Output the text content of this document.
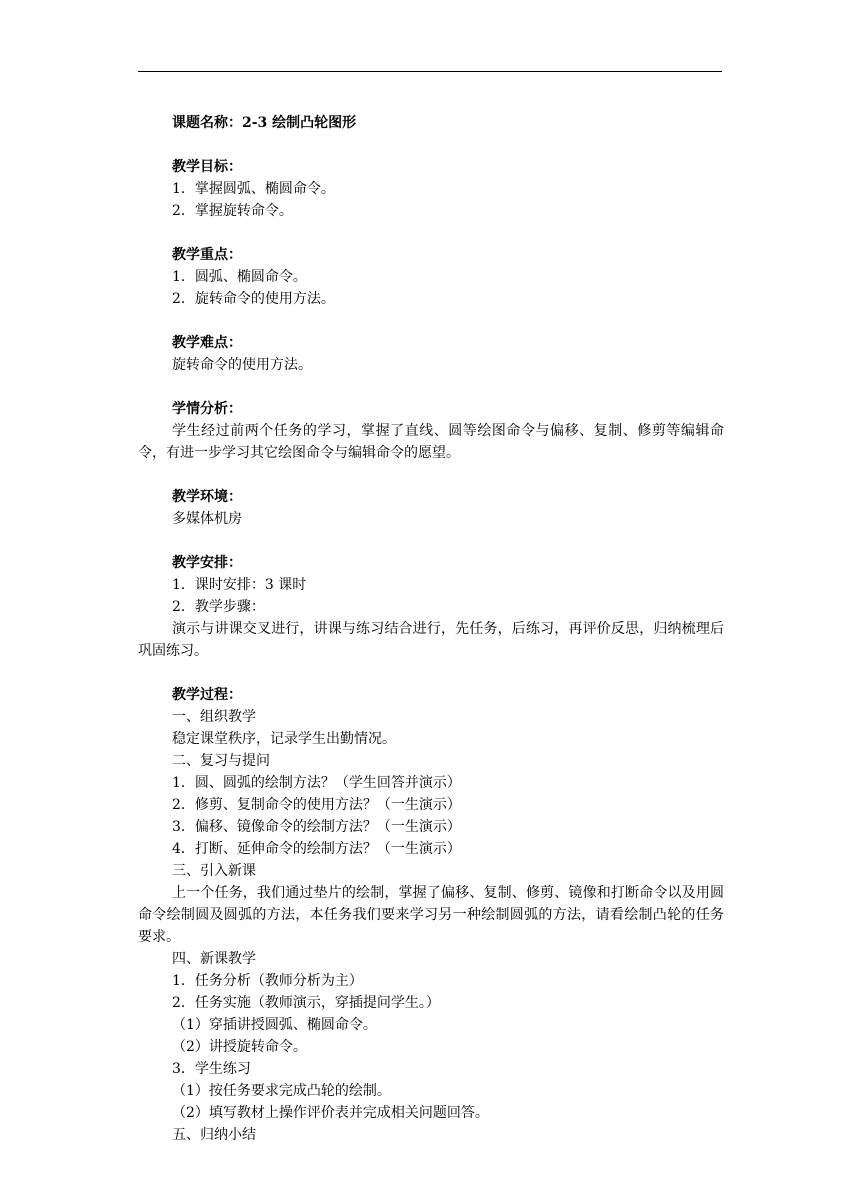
课题名称：2-3 绘制凸轮图形
教学目标：
1．掌握圆弧、椭圆命令。
2．掌握旋转命令。
教学重点：
1．圆弧、椭圆命令。
2．旋转命令的使用方法。
教学难点：
旋转命令的使用方法。
学情分析：
学生经过前两个任务的学习，掌握了直线、圆等绘图命令与偏移、复制、修剪等编辑命令，有进一步学习其它绘图命令与编辑命令的愿望。
教学环境：
多媒体机房
教学安排：
1．课时安排：3 课时
2．教学步骤：
演示与讲课交叉进行，讲课与练习结合进行，先任务，后练习，再评价反思，归纳梳理后巩固练习。
教学过程：
一、组织教学
稳定课堂秩序，记录学生出勤情况。
二、复习与提问
1．圆、圆弧的绘制方法？（学生回答并演示）
2．修剪、复制命令的使用方法？（一生演示）
3．偏移、镜像命令的绘制方法？（一生演示）
4．打断、延伸命令的绘制方法？（一生演示）
三、引入新课
上一个任务，我们通过垫片的绘制，掌握了偏移、复制、修剪、镜像和打断命令以及用圆命令绘制圆及圆弧的方法，本任务我们要来学习另一种绘制圆弧的方法，请看绘制凸轮的任务要求。
四、新课教学
1．任务分析（教师分析为主）
2．任务实施（教师演示，穿插提问学生。）
（1）穿插讲授圆弧、椭圆命令。
（2）讲授旋转命令。
3．学生练习
（1）按任务要求完成凸轮的绘制。
（2）填写教材上操作评价表并完成相关问题回答。
五、归纳小结
